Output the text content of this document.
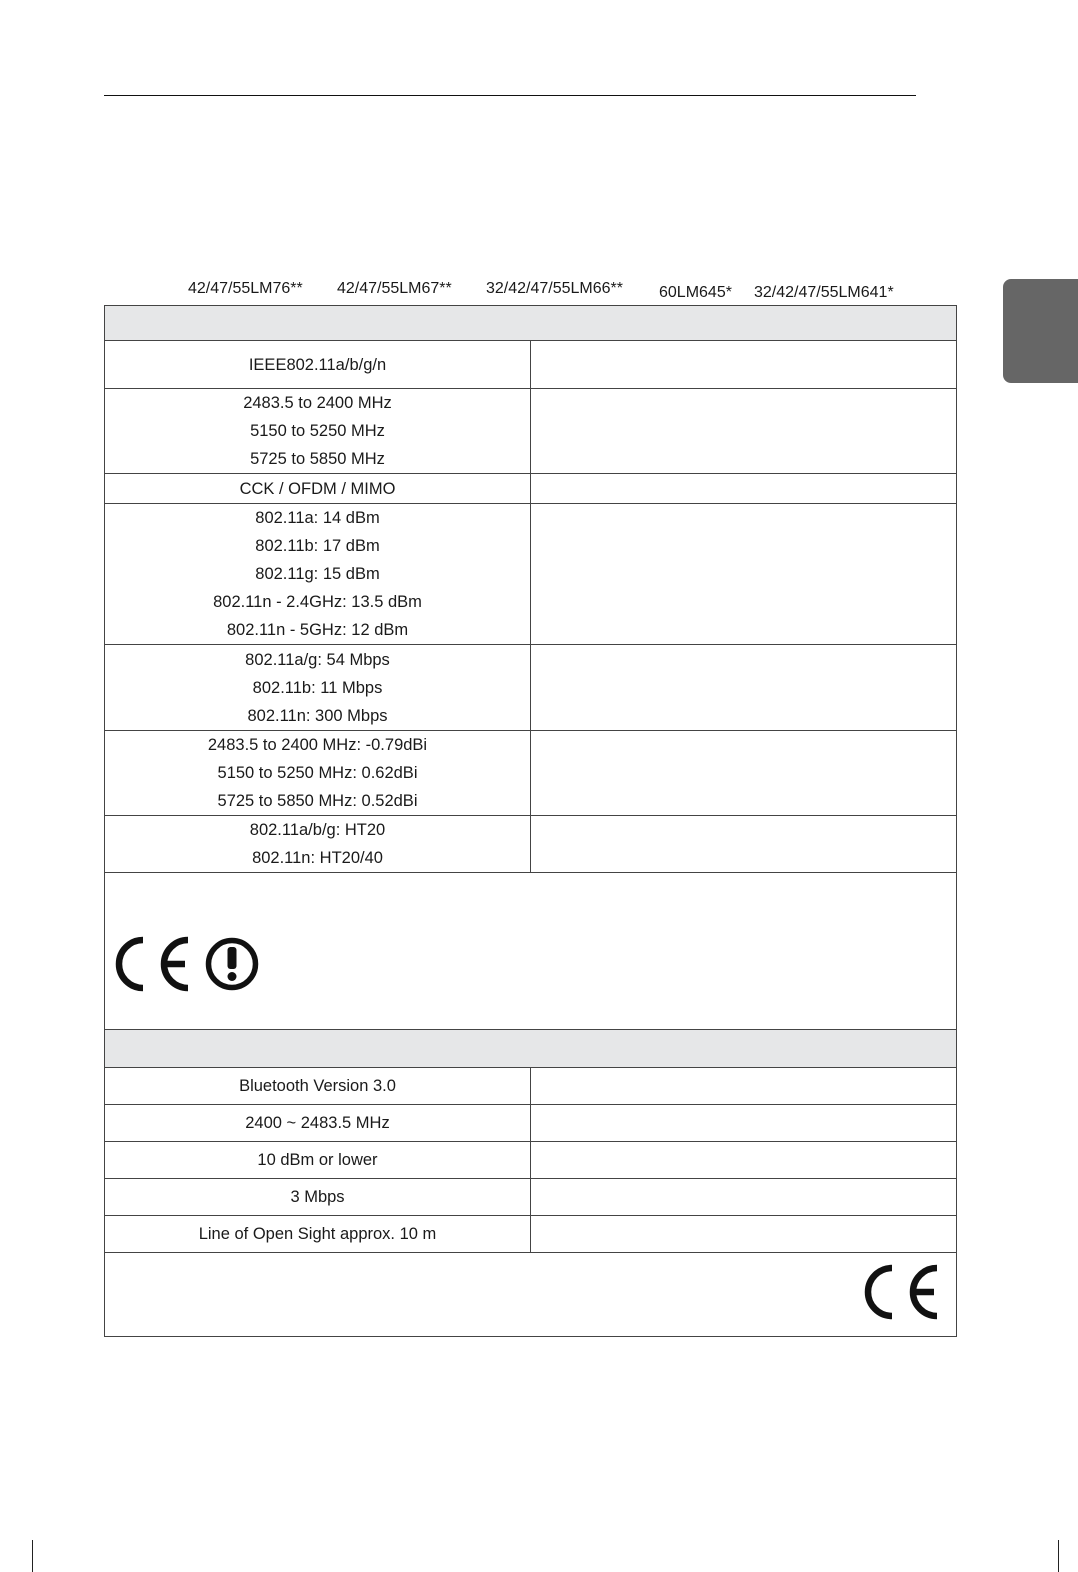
42/47/55LM76** 42/47/55LM67** 32/42/47/55LM66** 60LM645* 32/42/47/55LM641*

IEEE802.11a/b/g/n	

2483.5 to 2400 MHz
5150 to 5250 MHz
5725 to 5850 MHz	

CCK / OFDM / MIMO	

802.11a: 14 dBm
802.11b: 17 dBm
802.11g: 15 dBm
802.11n - 2.4GHz: 13.5 dBm
802.11n - 5GHz: 12 dBm	

802.11a/g: 54 Mbps
802.11b: 11 Mbps
802.11n: 300 Mbps	

2483.5 to 2400 MHz: -0.79dBi
5150 to 5250 MHz: 0.62dBi
5725 to 5850 MHz: 0.52dBi	

802.11a/b/g: HT20
802.11n: HT20/40	

Bluetooth Version 3.0	

2400 ~ 2483.5 MHz	

10 dBm or lower	

3 Mbps	

Line of Open Sight approx. 10 m	
